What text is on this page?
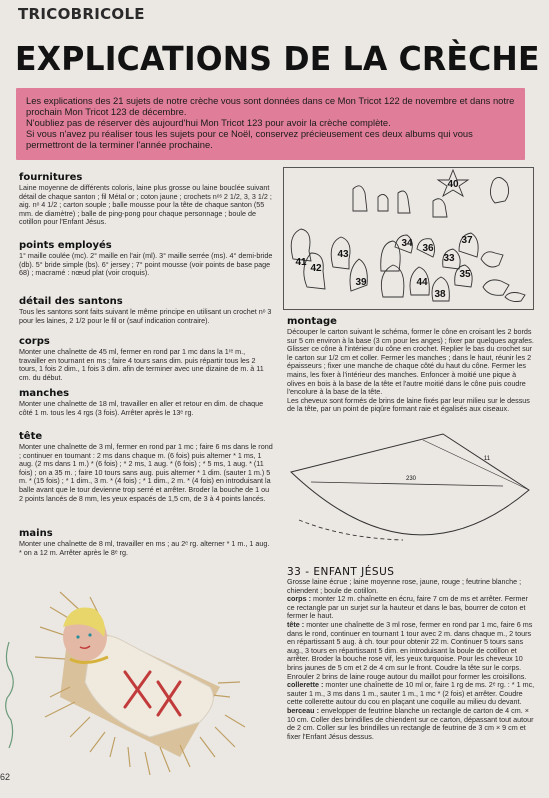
TRICOBRICOLE
EXPLICATIONS DE LA CRÈCHE

Les explications des 21 sujets de notre crèche vous sont données dans ce Mon Tricot 122 de novembre et dans notre prochain Mon Tricot 123 de décembre.

N'oubliez pas de réserver dès aujourd'hui Mon Tricot 123 pour avoir la crèche complète.

Si vous n'avez pu réaliser tous les sujets pour ce Noël, conservez précieusement ces deux albums qui vous permettront de la terminer l'année prochaine.

fournitures

Laine moyenne de différents coloris, laine plus grosse ou laine bouclée suivant détail de chaque santon ; fil Métal or ; coton jaune ; crochets nᵒˢ 2 1/2, 3, 3 1/2 ; aig. nᵒ 4 1/2 ; carton souple ; balle mousse pour la tête de chaque santon (55 mm. de diamètre) ; balle de ping-pong pour chaque personnage ; boule de cotillon pour l'Enfant Jésus.

points employés

1° maille coulée (mc). 2° maille en l'air (ml). 3° maille serrée (ms). 4° demi-bride (db). 5° bride simple (bs). 6° jersey ; 7° point mousse (voir points de base page 68) ; macramé : nœud plat (voir croquis).

détail des santons

Tous les santons sont faits suivant le même principe en utilisant un crochet nᵒ 3 pour les laines, 2 1/2 pour le fil or (sauf indication contraire).

corps

Monter une chaînette de 45 ml, fermer en rond par 1 mc dans la 1ʳᵉ m., travailler en tournant en ms ; faire 4 tours sans dim. puis répartir tous les 2 tours, 1 fois 2 dim., 1 fois 3 dim. afin de terminer avec une dizaine de m. à 11 cm. du début.

manches

Monter une chaînette de 18 ml, travailler en aller et retour en dim. de chaque côté 1 m. tous les 4 rgs (3 fois). Arrêter après le 13ᵉ rg.

tête

Monter une chaînette de 3 ml, fermer en rond par 1 mc ; faire 6 ms dans le rond ; continuer en tournant : 2 ms dans chaque m. (6 fois) puis alterner * 1 ms, 1 aug. (2 ms dans 1 m.) * (6 fois) ; * 2 ms, 1 aug. * (6 fois) ; * 5 ms, 1 aug. * (11 fois) ; on a 35 m. ; faire 10 tours sans aug. puis alterner * 1 dim. (sauter 1 m.) 5 m. * (15 fois) ; * 1 dim., 3 m. * (4 fois) ; * 1 dim., 2 m. * (4 fois) en introduisant la balle avant que le tour devienne trop serré et arrêter. Broder la bouche de 1 ou 2 points lancés de 8 mm, les yeux espacés de 1,5 cm, de 3 à 4 points lancés.

mains

Monter une chaînette de 8 ml, travailler en ms ; au 2ᵉ rg. alterner * 1 m., 1 aug. * on a 12 m. Arrêter après le 8ᵉ rg.

40
34 36
37
41
42
43	33
35
39	44
38

montage

Découper le carton suivant le schéma, former le cône en croisant les 2 bords sur 5 cm environ à la base (3 cm pour les anges) ; fixer par quelques agrafes. Glisser ce cône à l'intérieur du cône en crochet. Replier le bas du crochet sur le carton sur 1/2 cm et coller. Fermer les manches ; dans le haut, réunir les 2 épaisseurs ; fixer une manche de chaque côté du haut du cône. Fermer les mains, les fixer à l'intérieur des manches. Enfoncer à moitié une pique à olives en bois à la base de la tête et l'autre moitié dans le cône puis coudre l'encolure à la base de la tête.

Les cheveux sont formés de brins de laine fixés par leur milieu sur le dessus de la tête, par un point de piqûre formant raie et égalisés aux ciseaux.

230
11

33 - ENFANT JÉSUS

Grosse laine écrue ; laine moyenne rose, jaune, rouge ; feutrine blanche ; chiendent ; boule de cotillon.

corps : monter 12 m. chaînette en écru, faire 7 cm de ms et arrêter. Fermer ce rectangle par un surjet sur la hauteur et dans le bas, bourrer de coton et fermer le haut.

tête : monter une chaînette de 3 ml rose, fermer en rond par 1 mc, faire 6 ms dans le rond, continuer en tournant 1 tour avec 2 m. dans chaque m., 2 tours en répartissant 5 aug. à ch. tour pour obtenir 22 m. Continuer 5 tours sans aug., 3 tours en répartissant 5 dim. en introduisant la boule de cotillon et arrêter. Broder la bouche rose vif, les yeux turquoise. Pour les cheveux 10 brins jaunes de 5 cm et 2 de 4 cm sur le front. Coudre la tête sur le corps. Enrouler 2 brins de laine rouge autour du maillot pour former les croisillons.

collerette : monter une chaînette de 10 ml or, faire 1 rg de ms. 2ᵉ rg. : * 1 mc, sauter 1 m., 3 ms dans 1 m., sauter 1 m., 1 mc * (2 fois) et arrêter. Coudre cette collerette autour du cou en plaçant une coquille au milieu du devant.

berceau : envelopper de feutrine blanche un rectangle de carton de 4 cm. × 10 cm. Coller des brindilles de chiendent sur ce carton, dépassant tout autour de 2 cm. Coller sur les brindilles un rectangle de feutrine de 3 cm × 9 cm et fixer l'Enfant Jésus dessus.

62
